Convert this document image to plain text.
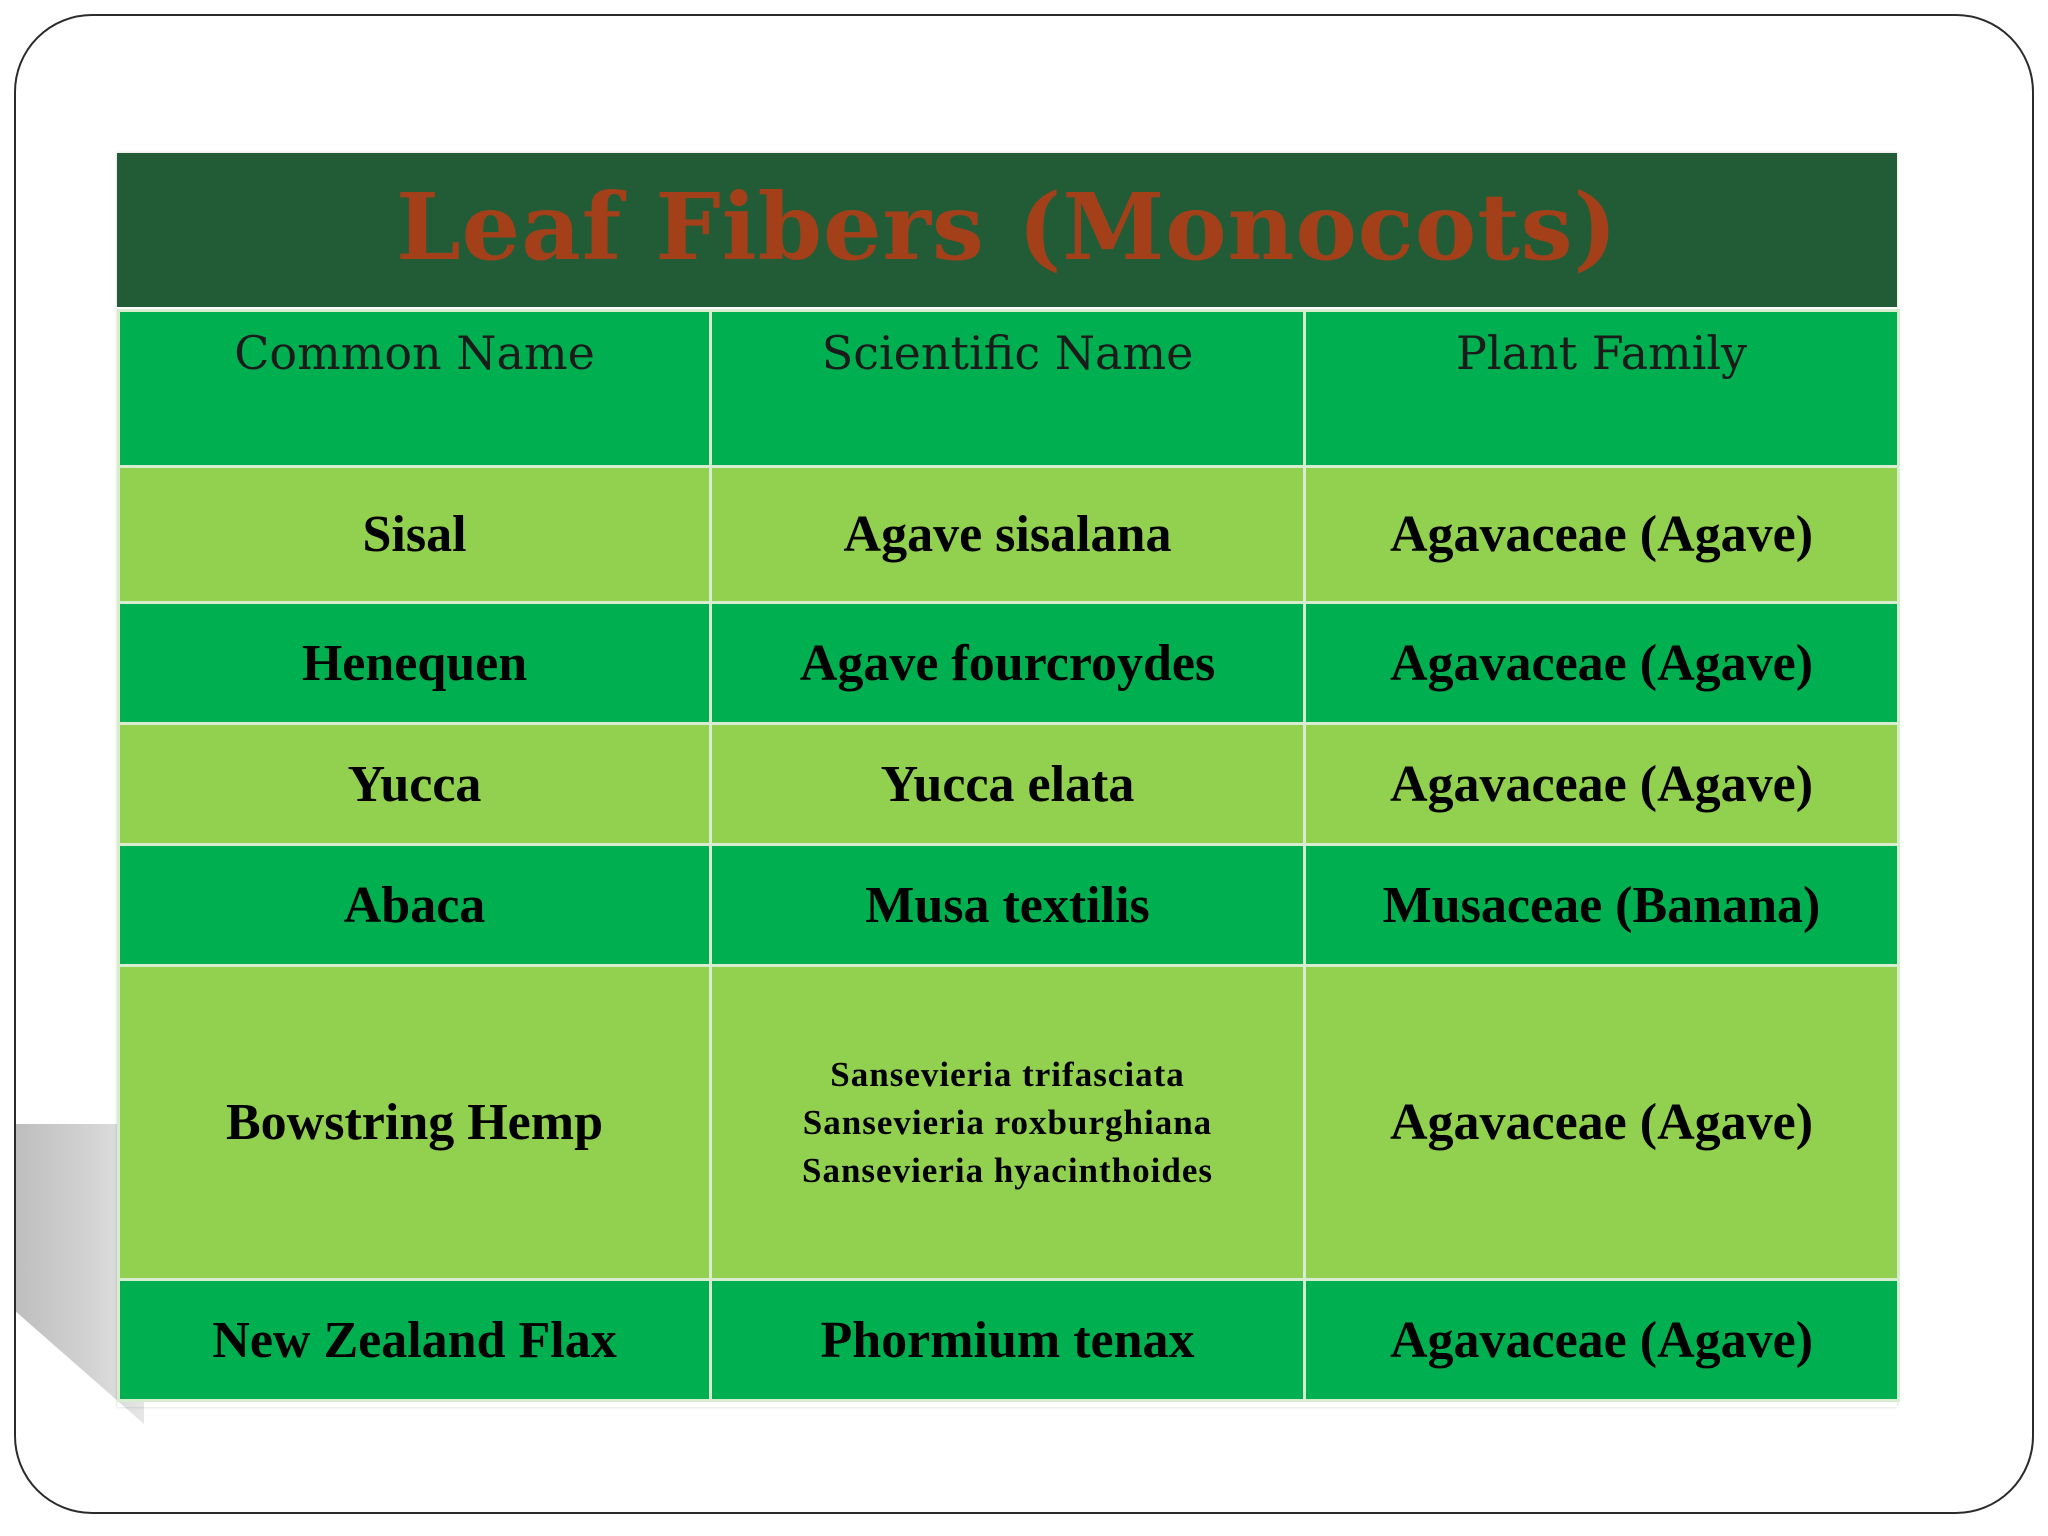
Leaf Fibers (Monocots)
Common Name	Scientific Name	Plant Family
Sisal	Agave sisalana	Agavaceae (Agave)
Henequen	Agave fourcroydes	Agavaceae (Agave)
Yucca	Yucca elata	Agavaceae (Agave)
Abaca	Musa textilis	Musaceae (Banana)
Bowstring Hemp	Sansevieria trifasciata
Sansevieria roxburghiana
Sansevieria hyacinthoides	Agavaceae (Agave)
New Zealand Flax	Phormium tenax	Agavaceae (Agave)
